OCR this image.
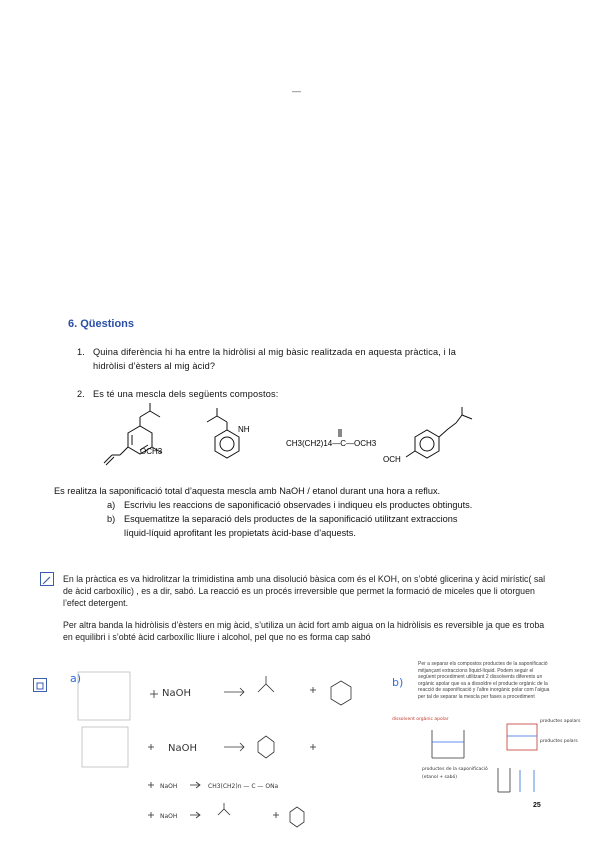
—
6. Qüestions
1. Quina diferència hi ha entre la hidròlisi al mig bàsic realitzada en aquesta pràctica, i la
hidròlisi d’èsters al mig àcid?
2. Es té una mescla dels següents compostos:
OCH3
NH
CH3(CH2)14—C—OCH3
OCH
Es realitza la saponificació total d’aquesta mescla amb NaOH / etanol durant una hora a reflux.
a) Escriviu les reaccions de saponificació observades i indiqueu els productes obtinguts.
b) Esquematitze la separació dels productes de la saponificació utilitzant extraccions
líquid-líquid aprofitant les propietats àcid-base d’aquests.
En la pràctica es va hidrolitzar la trimidistina amb una disolució bàsica com és el KOH, on s’obté glicerina y àcid mirístic( sal de àcid carboxílic) , es a dir, sabó. La reacció es un procés irreversible que permet la formació de miceles que li otorguen l’efect detergent.
Per altra banda la hidròlisis d’èsters en mig àcid, s’utiliza un àcid fort amb aigua on la hidròlisis es reversible ja que es troba en equilibri i s’obté àcid carboxílic lliure i alcohol, pel que no es forma cap sabó
a)	b)
NaOH
NaOH
NaOH	CH3(CH2)n — C — ONa
NaOH
Per a separar els compostos productes de la saponificació mitjançant extraccions líquid-líquid. Podem seguir el següent procediment utilitzant 2 dissolvents diferents un orgànic apolar que va a dissoldre el producte orgànic de la reacció de saponificació y l’altre inorgànic polar com l’aigua per tal de separar la mescla per fases a procediment
dissolvent orgànic apolar
productes de la saponificació
(etanol + sabó)
productes apolars
productes polars
25
